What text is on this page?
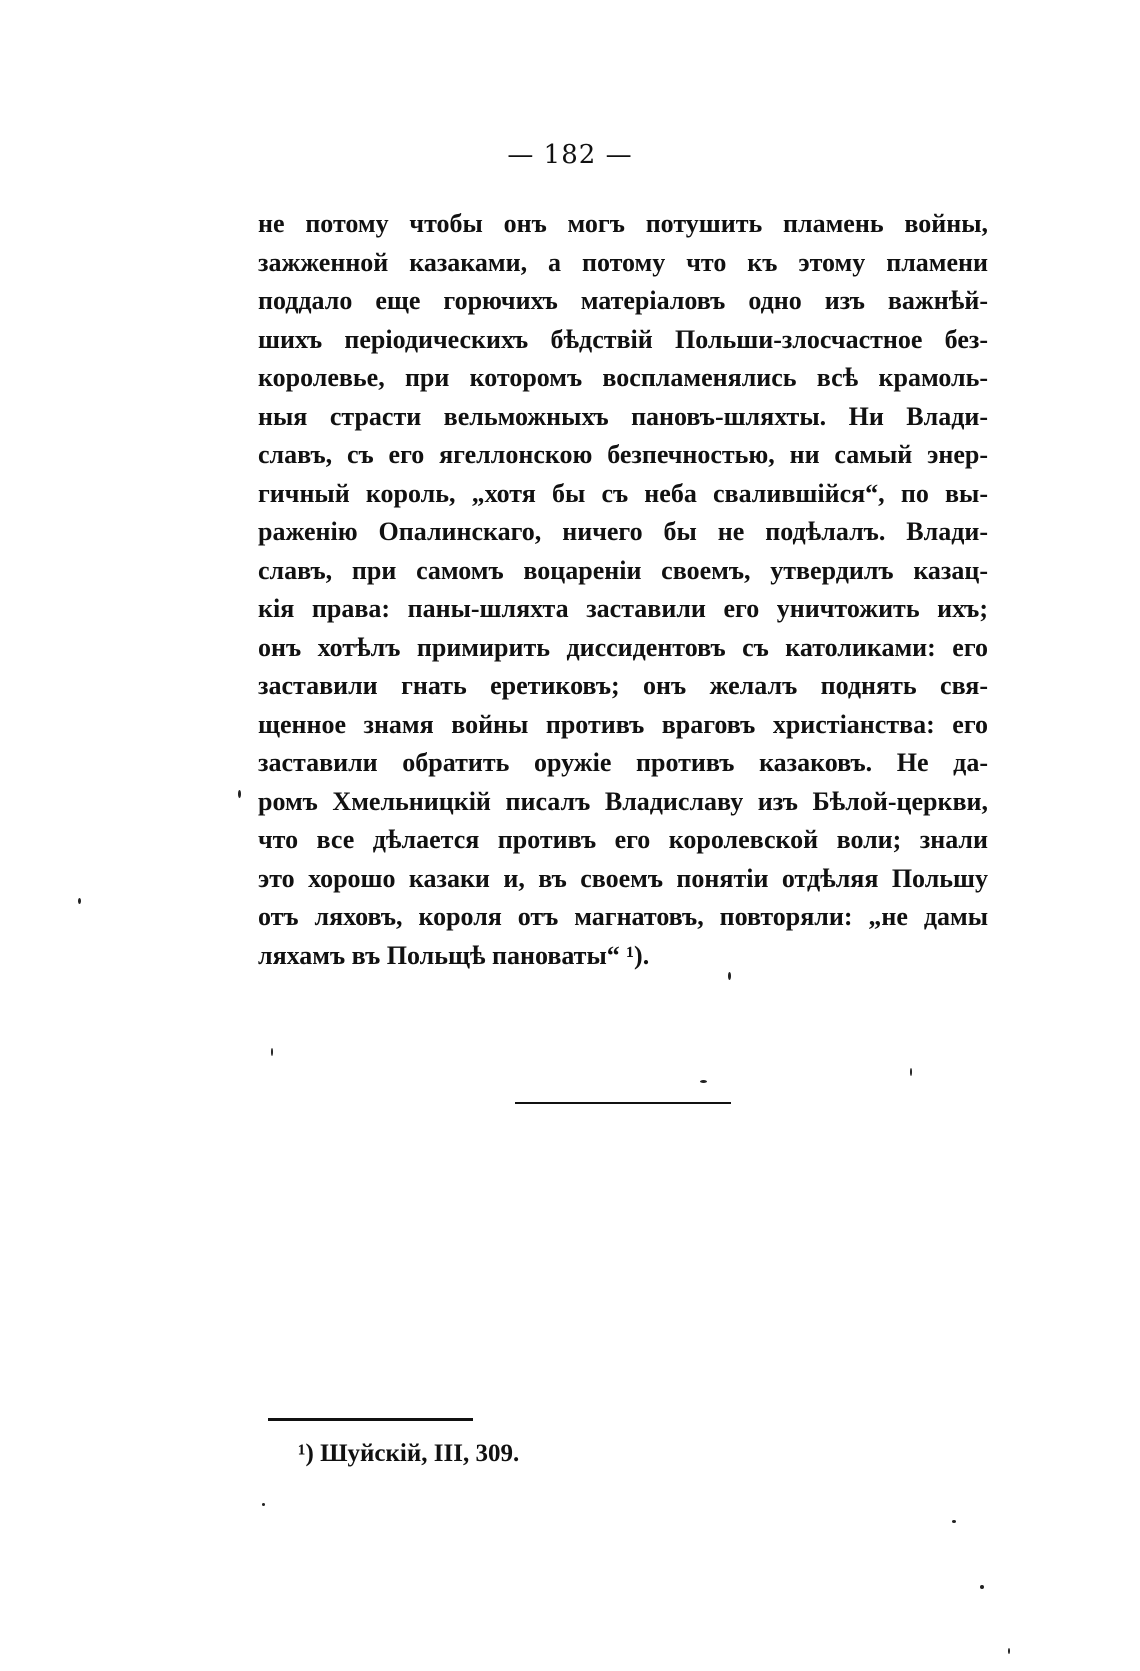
— 182 —
не потому чтобы онъ могъ потушить пламень войны,
зажженной казаками, а потому что къ этому пламени
поддало еще горючихъ матеріаловъ одно изъ важнѣй-
шихъ періодическихъ бѣдствій Польши-злосчастное без-
королевье, при которомъ воспламенялись всѣ крамоль-
ныя страсти вельможныхъ пановъ-шляхты. Ни Влади-
славъ, съ его ягеллонскою безпечностью, ни самый энер-
гичный король, „хотя бы съ неба свалившійся“, по вы-
раженію Опалинскаго, ничего бы не подѣлалъ. Влади-
славъ, при самомъ воцареніи своемъ, утвердилъ казац-
кія права: паны-шляхта заставили его уничтожить ихъ;
онъ хотѣлъ примирить диссидентовъ съ католиками: его
заставили гнать еретиковъ; онъ желалъ поднять свя-
щенное знамя войны противъ враговъ христіанства: его
заставили обратить оружіе противъ казаковъ. Не да-
ромъ Хмельницкій писалъ Владиславу изъ Бѣлой-церкви,
что все дѣлается противъ его королевской воли; знали
это хорошо казаки и, въ своемъ понятіи отдѣляя Польшу
отъ ляховъ, короля отъ магнатовъ, повторяли: „не дамы
ляхамъ въ Польщѣ пановаты“ ¹).
¹) Шуйскій, III, 309.
